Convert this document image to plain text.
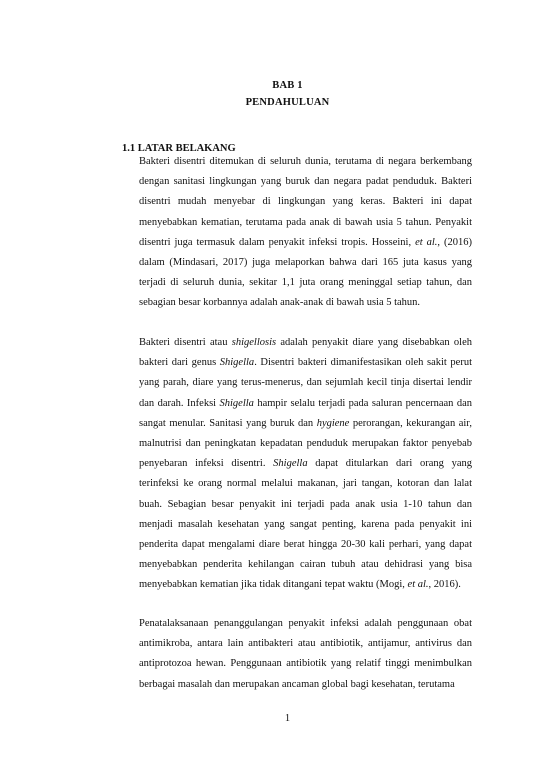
BAB 1
PENDAHULUAN
1.1 LATAR BELAKANG
Bakteri disentri ditemukan di seluruh dunia, terutama di negara berkembang dengan sanitasi lingkungan yang buruk dan negara padat penduduk. Bakteri disentri mudah menyebar di lingkungan yang keras. Bakteri ini dapat menyebabkan kematian, terutama pada anak di bawah usia 5 tahun. Penyakit disentri juga termasuk dalam penyakit infeksi tropis. Hosseini, et al., (2016) dalam (Mindasari, 2017) juga melaporkan bahwa dari 165 juta kasus yang terjadi di seluruh dunia, sekitar 1,1 juta orang meninggal setiap tahun, dan sebagian besar korbannya adalah anak-anak di bawah usia 5 tahun.
Bakteri disentri atau shigellosis adalah penyakit diare yang disebabkan oleh bakteri dari genus Shigella. Disentri bakteri dimanifestasikan oleh sakit perut yang parah, diare yang terus-menerus, dan sejumlah kecil tinja disertai lendir dan darah. Infeksi Shigella hampir selalu terjadi pada saluran pencernaan dan sangat menular. Sanitasi yang buruk dan hygiene perorangan, kekurangan air, malnutrisi dan peningkatan kepadatan penduduk merupakan faktor penyebab penyebaran infeksi disentri. Shigella dapat ditularkan dari orang yang terinfeksi ke orang normal melalui makanan, jari tangan, kotoran dan lalat buah. Sebagian besar penyakit ini terjadi pada anak usia 1-10 tahun dan menjadi masalah kesehatan yang sangat penting, karena pada penyakit ini penderita dapat mengalami diare berat hingga 20-30 kali perhari, yang dapat menyebabkan penderita kehilangan cairan tubuh atau dehidrasi yang bisa menyebabkan kematian jika tidak ditangani tepat waktu (Mogi, et al., 2016).
Penatalaksanaan penanggulangan penyakit infeksi adalah penggunaan obat antimikroba, antara lain antibakteri atau antibiotik, antijamur, antivirus dan antiprotozoa hewan. Penggunaan antibiotik yang relatif tinggi menimbulkan berbagai masalah dan merupakan ancaman global bagi kesehatan, terutama
1
